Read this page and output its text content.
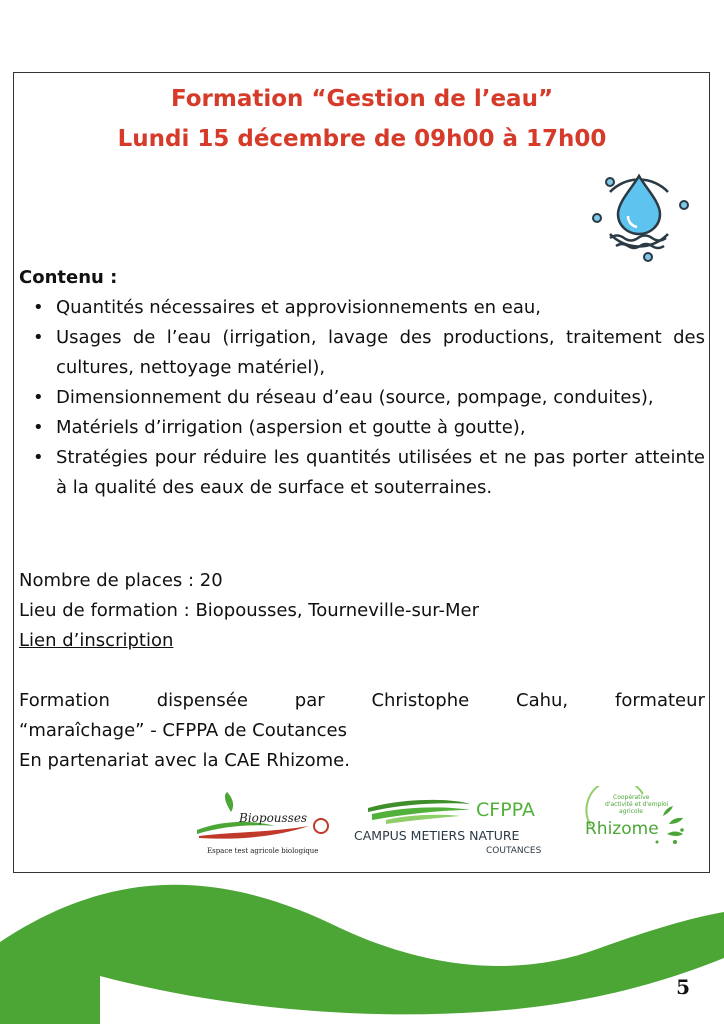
Formation “Gestion de l’eau”
Lundi 15 décembre de 09h00 à 17h00
Contenu :
• Quantités nécessaires et approvisionnements en eau,
• Usages de l’eau (irrigation, lavage des productions, traitement des cultures, nettoyage matériel),
• Dimensionnement du réseau d’eau (source, pompage, conduites),
• Matériels d’irrigation (aspersion et goutte à goutte),
• Stratégies pour réduire les quantités utilisées et ne pas porter atteinte à la qualité des eaux de surface et souterraines.
Nombre de places : 20
Lieu de formation : Biopousses, Tourneville-sur-Mer
Lien d’inscription
Formation	dispensée	par	Christophe	Cahu,	formateur
“maraîchage” - CFPPA de Coutances
En partenariat avec la CAE Rhizome.
Biopousses
Espace test agricole biologique
CFPPA
CAMPUS METIERS NATURE
COUTANCES
Coopérative
d'activité et d'emploi
agricole
Rhizome
5
